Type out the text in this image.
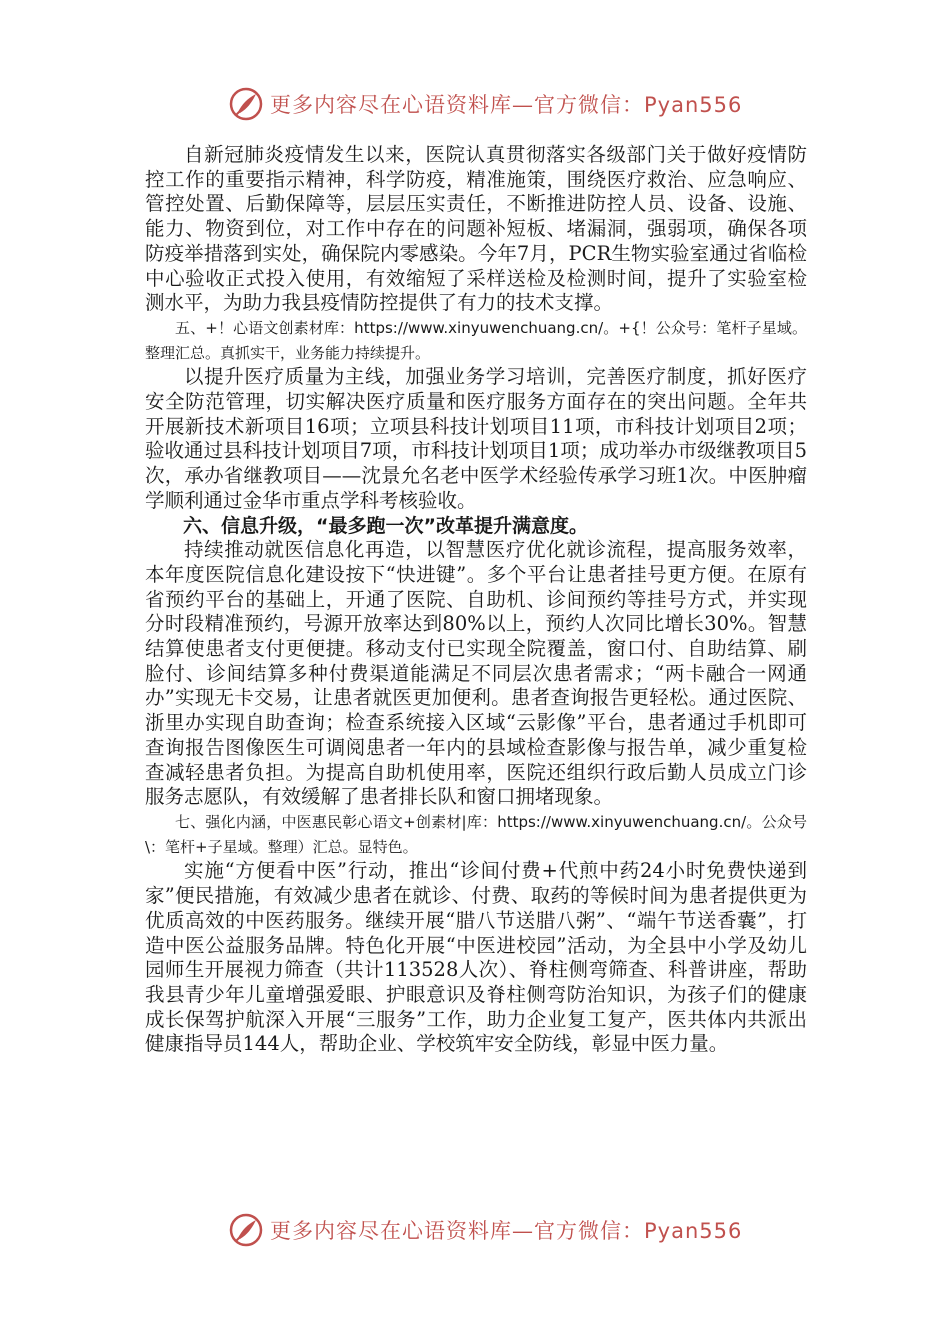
更多内容尽在心语资料库—官方微信：Pyan556

自新冠肺炎疫情发生以来，医院认真贯彻落实各级部门关于做好疫情防控工作的重要指示精神，科学防疫，精准施策，围绕医疗救治、应急响应、管控处置、后勤保障等，层层压实责任，不断推进防控人员、设备、设施、能力、物资到位，对工作中存在的问题补短板、堵漏洞，强弱项，确保各项防疫举措落到实处，确保院内零感染。今年7月，PCR生物实验室通过省临检中心验收正式投入使用，有效缩短了采样送检及检测时间，提升了实验室检测水平，为助力我县疫情防控提供了有力的技术支撑。

五、+！心语文创素材库：https://www.xinyuwenchuang.cn/。+{！公众号：笔杆子星域。整理汇总。真抓实干，业务能力持续提升。

以提升医疗质量为主线，加强业务学习培训，完善医疗制度，抓好医疗安全防范管理，切实解决医疗质量和医疗服务方面存在的突出问题。全年共开展新技术新项目16项；立项县科技计划项目11项，市科技计划项目2项；验收通过县科技计划项目7项，市科技计划项目1项；成功举办市级继教项目5次，承办省继教项目——沈景允名老中医学术经验传承学习班1次。中医肿瘤学顺利通过金华市重点学科考核验收。

六、信息升级，“最多跑一次”改革提升满意度。

持续推动就医信息化再造，以智慧医疗优化就诊流程，提高服务效率，本年度医院信息化建设按下“快进键”。多个平台让患者挂号更方便。在原有省预约平台的基础上，开通了医院、自助机、诊间预约等挂号方式，并实现分时段精准预约，号源开放率达到80%以上，预约人次同比增长30%。智慧结算使患者支付更便捷。移动支付已实现全院覆盖，窗口付、自助结算、刷脸付、诊间结算多种付费渠道能满足不同层次患者需求；“两卡融合一网通办”实现无卡交易，让患者就医更加便利。患者查询报告更轻松。通过医院、浙里办实现自助查询；检查系统接入区域“云影像”平台，患者通过手机即可查询报告图像医生可调阅患者一年内的县域检查影像与报告单，减少重复检查减轻患者负担。为提高自助机使用率，医院还组织行政后勤人员成立门诊服务志愿队，有效缓解了患者排长队和窗口拥堵现象。

七、强化内涵，中医惠民彰心语文+创素材|库：https://www.xinyuwenchuang.cn/。公众号\：笔杆+子星域。整理）汇总。显特色。

实施“方便看中医”行动，推出“诊间付费+代煎中药24小时免费快递到家”便民措施，有效减少患者在就诊、付费、取药的等候时间为患者提供更为优质高效的中医药服务。继续开展“腊八节送腊八粥”、“端午节送香囊”，打造中医公益服务品牌。特色化开展“中医进校园”活动，为全县中小学及幼儿园师生开展视力筛查（共计113528人次）、脊柱侧弯筛查、科普讲座，帮助我县青少年儿童增强爱眼、护眼意识及脊柱侧弯防治知识，为孩子们的健康成长保驾护航深入开展“三服务”工作，助力企业复工复产，医共体内共派出健康指导员144人，帮助企业、学校筑牢安全防线，彰显中医力量。

更多内容尽在心语资料库—官方微信：Pyan556
